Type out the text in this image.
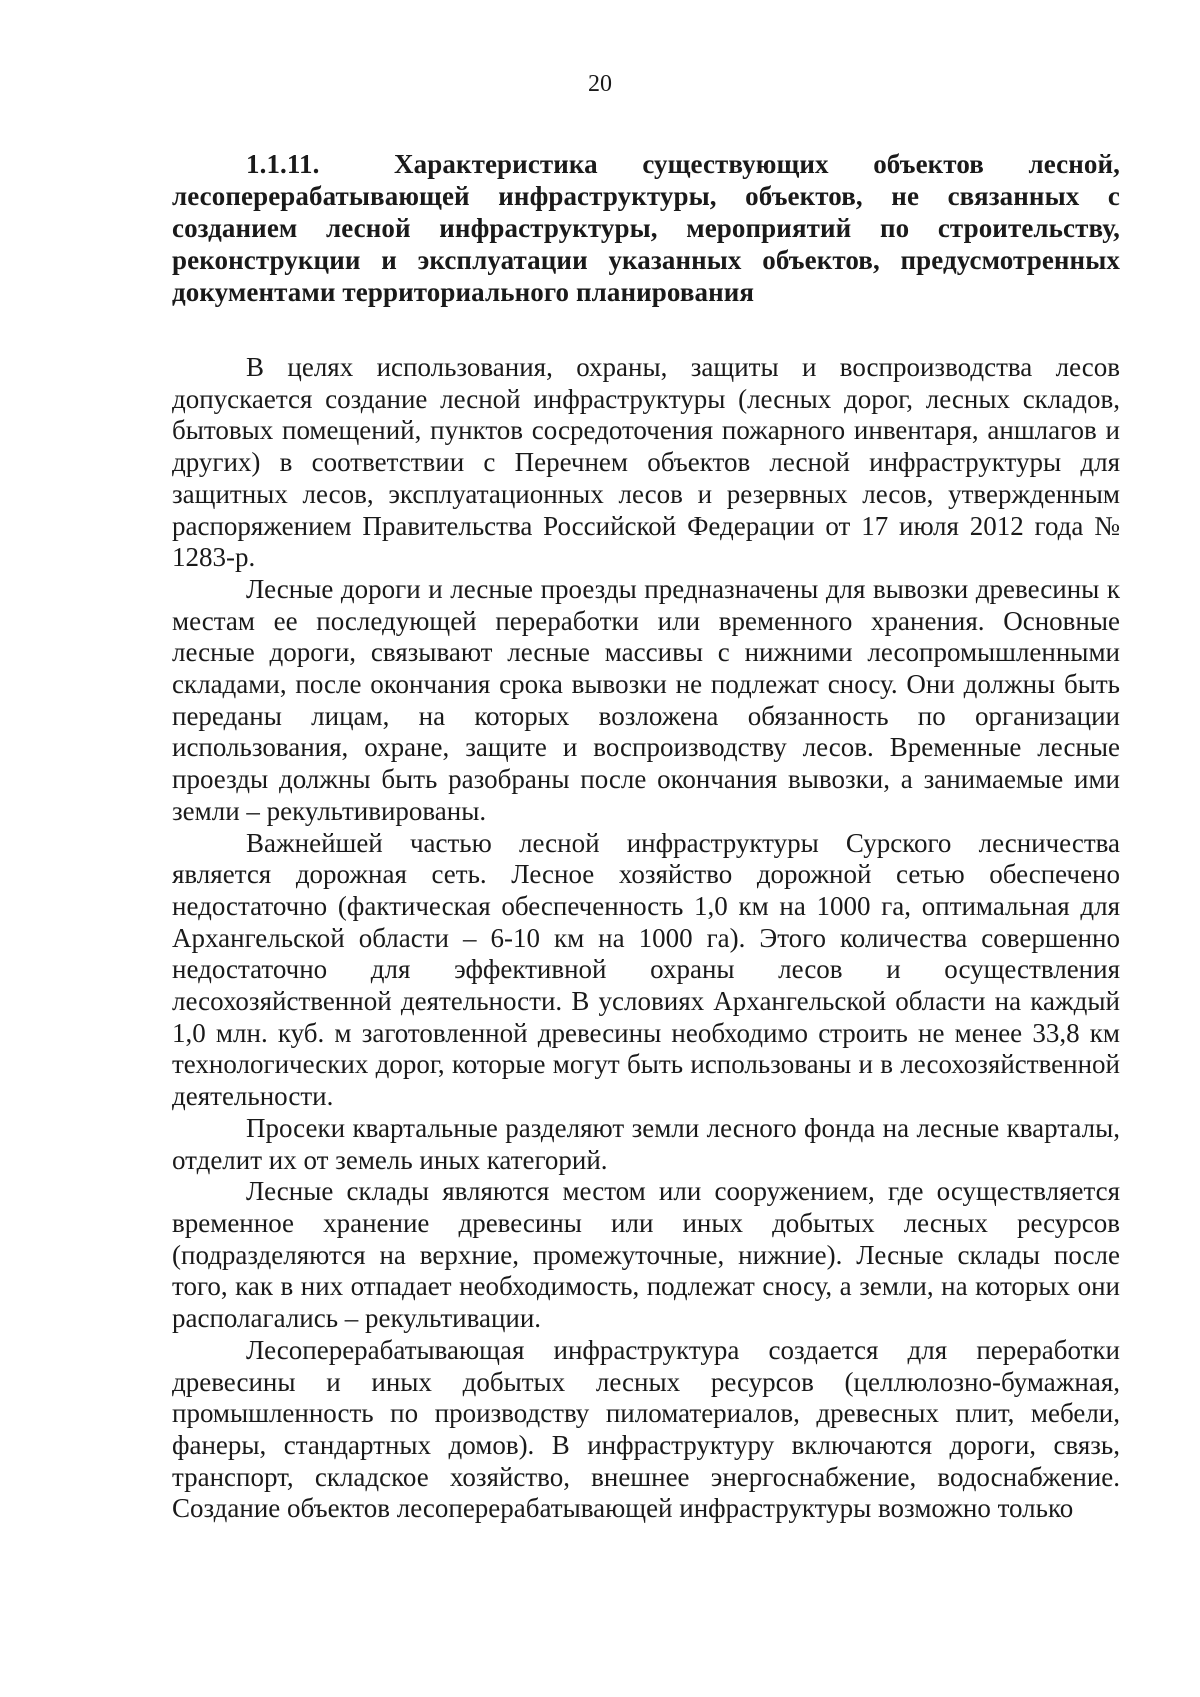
20
1.1.11.	Характеристика существующих объектов лесной, лесоперерабатывающей инфраструктуры, объектов, не связанных с созданием лесной инфраструктуры, мероприятий по строительству, реконструкции и эксплуатации указанных объектов, предусмотренных документами территориального планирования

В целях использования, охраны, защиты и воспроизводства лесов допускается создание лесной инфраструктуры (лесных дорог, лесных складов, бытовых помещений, пунктов сосредоточения пожарного инвентаря, аншлагов и других) в соответствии с Перечнем объектов лесной инфраструктуры для защитных лесов, эксплуатационных лесов и резервных лесов, утвержденным распоряжением Правительства Российской Федерации от 17 июля 2012 года № 1283-р.

Лесные дороги и лесные проезды предназначены для вывозки древесины к местам ее последующей переработки или временного хранения. Основные лесные дороги, связывают лесные массивы с нижними лесопромышленными складами, после окончания срока вывозки не подлежат сносу. Они должны быть переданы лицам, на которых возложена обязанность по организации использования, охране, защите и воспроизводству лесов. Временные лесные проезды должны быть разобраны после окончания вывозки, а занимаемые ими земли – рекультивированы.

Важнейшей частью лесной инфраструктуры Сурского лесничества является дорожная сеть. Лесное хозяйство дорожной сетью обеспечено недостаточно (фактическая обеспеченность 1,0 км на 1000 га, оптимальная для Архангельской области – 6-10 км на 1000 га). Этого количества совершенно недостаточно для эффективной охраны лесов и осуществления лесохозяйственной деятельности. В условиях Архангельской области на каждый 1,0 млн. куб. м заготовленной древесины необходимо строить не менее 33,8 км технологических дорог, которые могут быть использованы и в лесохозяйственной деятельности.

Просеки квартальные разделяют земли лесного фонда на лесные кварталы, отделит их от земель иных категорий.

Лесные склады являются местом или сооружением, где осуществляется временное хранение древесины или иных добытых лесных ресурсов (подразделяются на верхние, промежуточные, нижние). Лесные склады после того, как в них отпадает необходимость, подлежат сносу, а земли, на которых они располагались – рекультивации.

Лесоперерабатывающая инфраструктура создается для переработки древесины и иных добытых лесных ресурсов (целлюлозно-бумажная, промышленность по производству пиломатериалов, древесных плит, мебели, фанеры, стандартных домов). В инфраструктуру включаются дороги, связь, транспорт, складское хозяйство, внешнее энергоснабжение, водоснабжение. Создание объектов лесоперерабатывающей инфраструктуры возможно только
